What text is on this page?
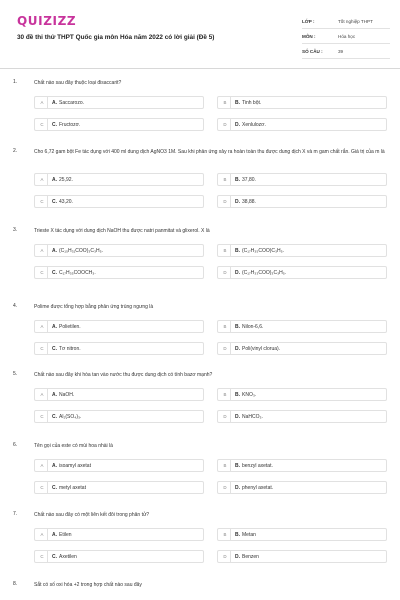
QUIZIZZ
30 đề thi thử THPT Quốc gia môn Hóa năm 2022 có lời giải (Đề 5)
LỚP :	Tốt nghiệp THPT
MÔN :	Hóa học
SỐ CÂU :	39
1.	Chất nào sau đây thuộc loại đisaccarit?
A	A. Saccarozo.	B	B. Tinh bột.
C	C. Fructozơ.	D	D. Xenlulozơ.
2.	Cho 6,72 gam bột Fe tác dụng với 400 ml dung dịch AgNO3 1M. Sau khi phản ứng xảy ra hoàn toàn thu được dung dịch X và m gam chất rắn. Giá trị của m là
A	A. 25,92.	B	B. 37,80.
C	C. 43,20.	D	D. 38,88.
3.	Trieste X tác dụng với dung dịch NaOH thu được natri panmitat và glixerol. X là
A	A. (C₁₅H₃₁COO)₃C₃H₅.	B	B. (C₁₇H₃₅COO)C₃H₅.
C	C. C₁₇H₃₅COOCH₃.	D	D. (C₁₇H₃₃COO)₃C₃H₅.
4.	Polime được tổng hợp bằng phản ứng trùng ngưng là
A	A. Polietilen.	B	B. Nilon-6,6.
C	C. Tơ nitron.	D	D. Poli(vinyl clorua).
5.	Chất nào sau đây khi hòa tan vào nước thu được dung dịch có tính bazơ mạnh?
A	A. NaOH.	B	B. KNO₃.
C	C. Al₂(SO₄)₃.	D	D. NaHCO₃.
6.	Tên gọi của este có mùi hoa nhài là
A	A. isoamyl axetat	B	B. benzyl axetat.
C	C. metyl axetat	D	D. phenyl axetat.
7.	Chất nào sau đây có một liên kết đôi trong phân tử?
A	A. Etilen	B	B. Metan
C	C. Axetilen	D	D. Benzen
8.	Sắt có số oxi hóa +2 trong hợp chất nào sau đây
